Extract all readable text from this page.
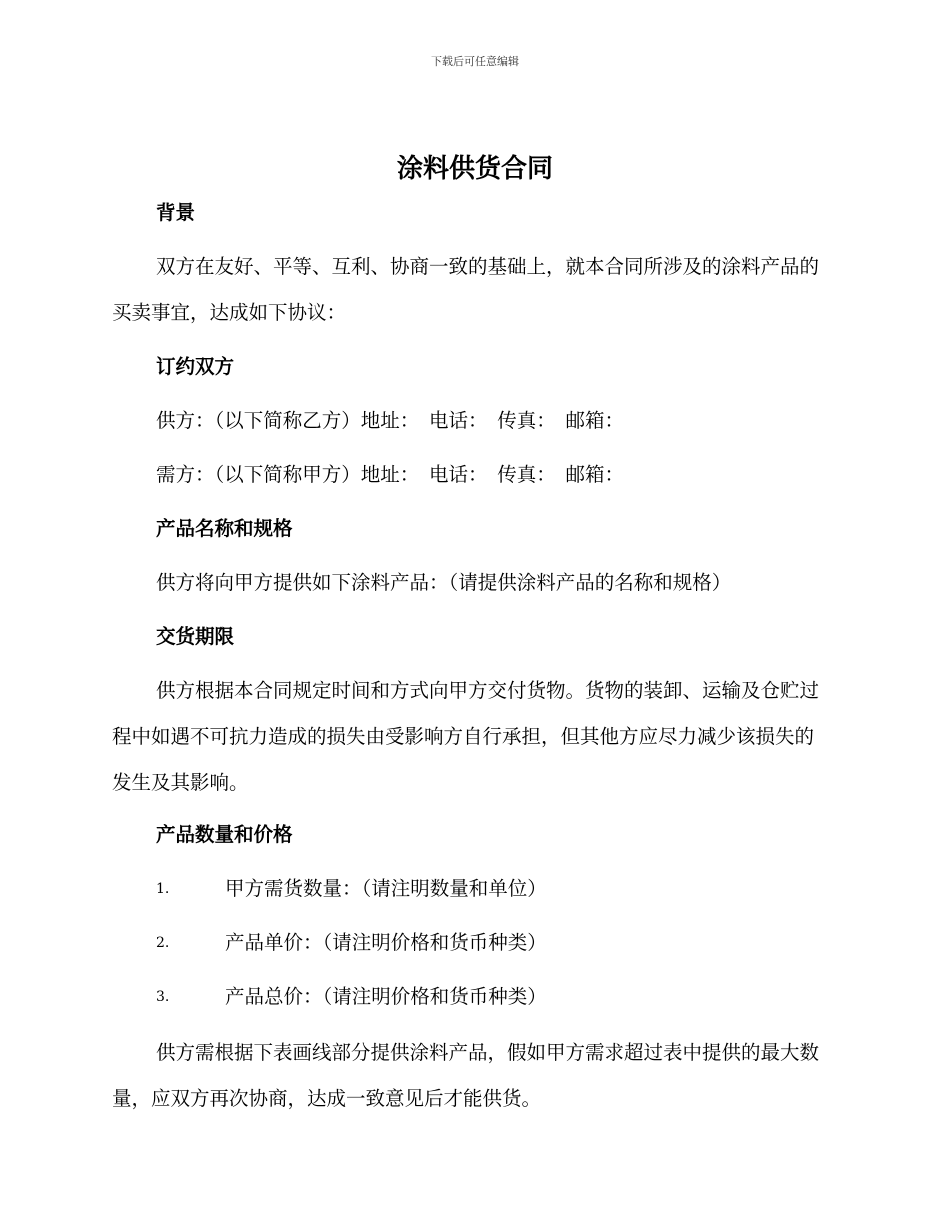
下载后可任意编辑
涂料供货合同
背景

双方在友好、平等、互利、协商一致的基础上，就本合同所涉及的涂料产品的买卖事宜，达成如下协议：

订约双方
供方：（以下简称乙方）地址：　电话：　传真：　邮箱：
需方：（以下简称甲方）地址：　电话：　传真：　邮箱：
产品名称和规格
供方将向甲方提供如下涂料产品：（请提供涂料产品的名称和规格）
交货期限

供方根据本合同规定时间和方式向甲方交付货物。货物的装卸、运输及仓贮过程中如遇不可抗力造成的损失由受影响方自行承担，但其他方应尽力减少该损失的发生及其影响。

产品数量和价格
1.	甲方需货数量：（请注明数量和单位）
2.	产品单价：（请注明价格和货币种类）
3.	产品总价：（请注明价格和货币种类）

供方需根据下表画线部分提供涂料产品，假如甲方需求超过表中提供的最大数量，应双方再次协商，达成一致意见后才能供货。
